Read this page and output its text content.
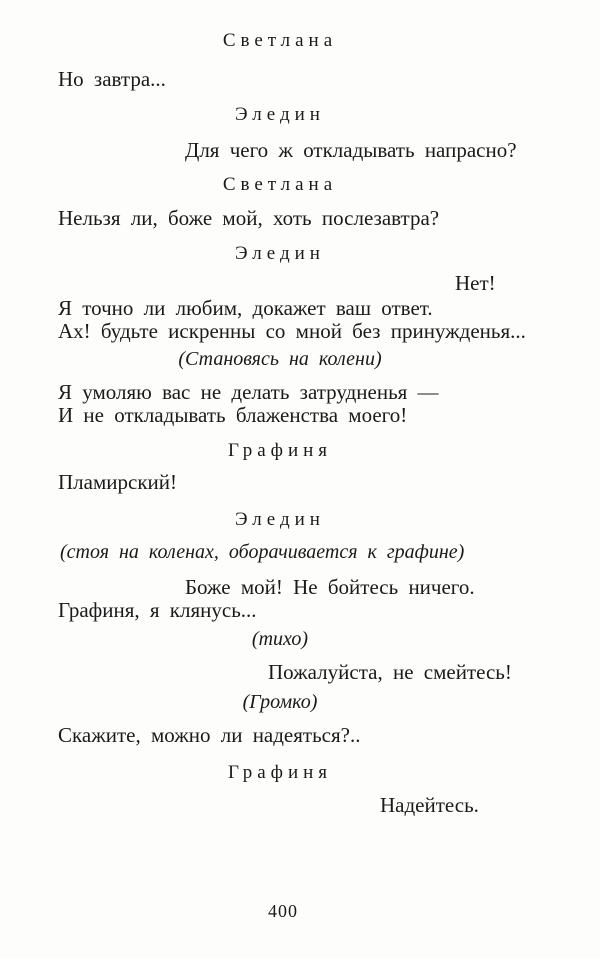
Светлана
Но завтра...
Эледин
Для чего ж откладывать напрасно?
Светлана
Нельзя ли, боже мой, хоть послезавтра?
Эледин
Нет!
Я точно ли любим, докажет ваш ответ.
Ах! будьте искренны со мной без принужденья...
(Становясь на колени)
Я умоляю вас не делать затрудненья —
И не откладывать блаженства моего!
Графиня
Пламирский!
Эледин
(стоя на коленах, оборачивается к графине)
Боже мой! Не бойтесь ничего.
Графиня, я клянусь...
(тихо)
Пожалуйста, не смейтесь!
(Громко)
Скажите, можно ли надеяться?..
Графиня
Надейтесь.
400
